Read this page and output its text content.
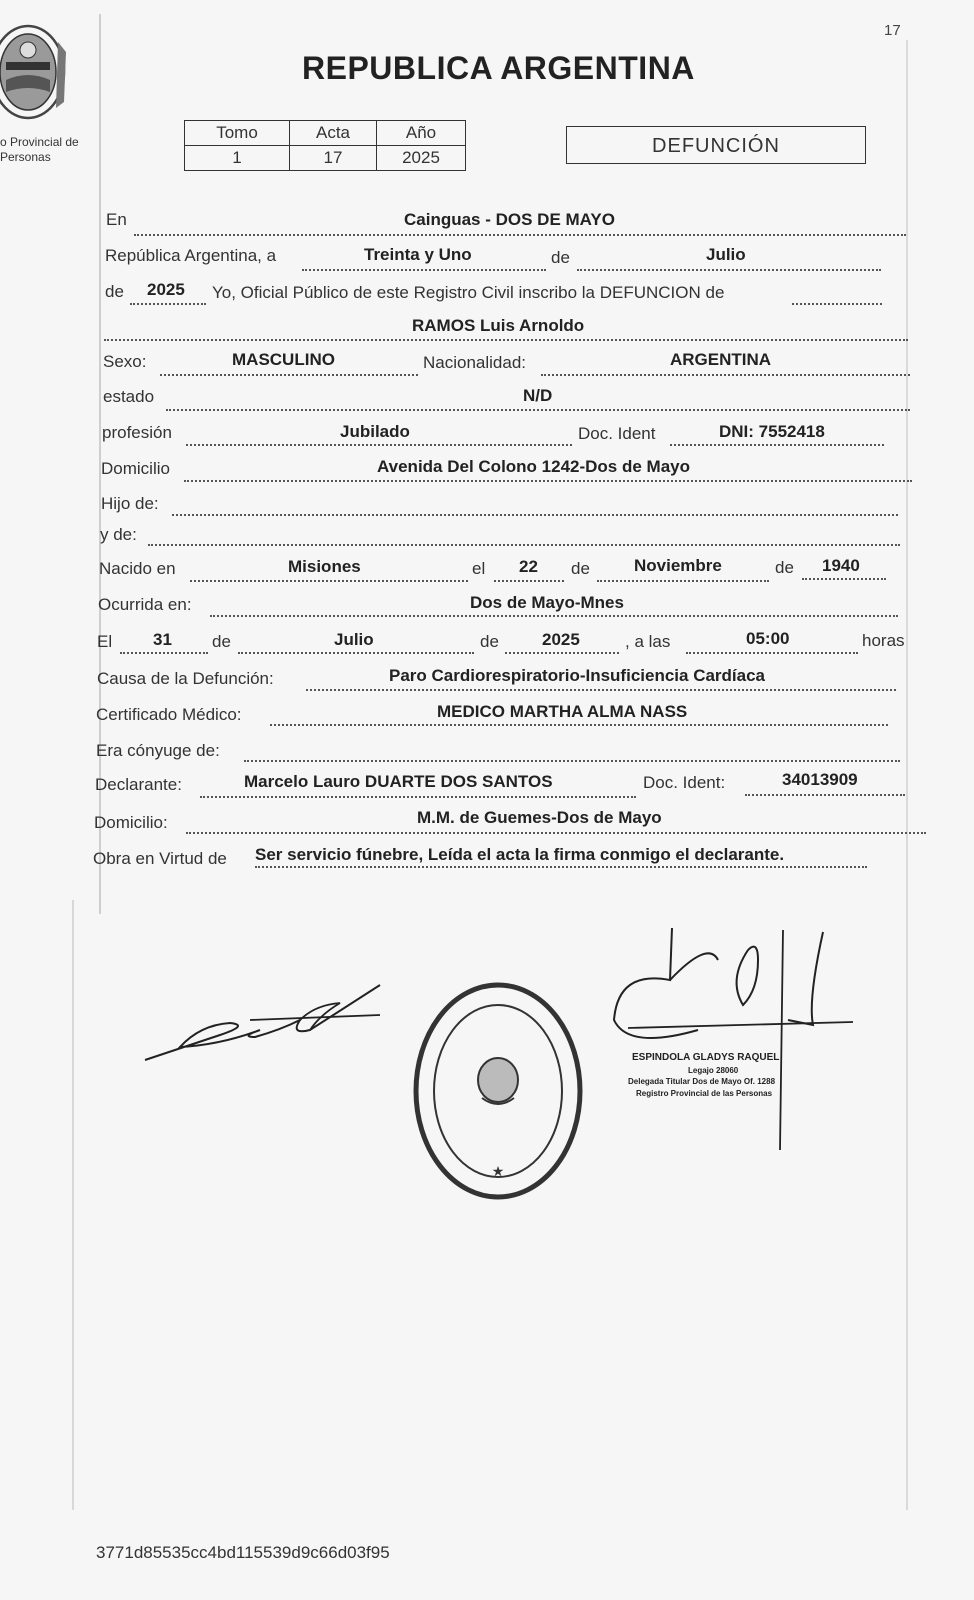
o Provincial de
Personas
17
REPUBLICA ARGENTINA
Tomo	Acta	Año
1	17	2025
DEFUNCIÓN
En	Cainguas - DOS DE MAYO
República Argentina, a	Treinta y Uno	de	Julio
de 2025 Yo, Oficial Público de este Registro Civil inscribo la DEFUNCION de
RAMOS Luis Arnoldo
Sexo:	MASCULINO	Nacionalidad:	ARGENTINA
estado	N/D
profesión	Jubilado	Doc. Ident	DNI: 7552418
Domicilio	Avenida Del Colono 1242-Dos de Mayo
Hijo de:
y de:
Nacido en	Misiones	el 22 de	Noviembre	de 1940
Ocurrida en:	Dos de Mayo-Mnes
El 31 de	Julio	de	2025	, a las	05:00	horas
Causa de la Defunción:	Paro Cardiorespiratorio-Insuficiencia Cardíaca
Certificado Médico:	MEDICO MARTHA ALMA NASS
Era cónyuge de:
Declarante:	Marcelo Lauro DUARTE DOS SANTOS	Doc. Ident:	34013909
Domicilio:	M.M. de Guemes-Dos de Mayo
Obra en Virtud de Ser servicio fúnebre, Leída el acta la firma conmigo el declarante.
★
ESPINDOLA GLADYS RAQUEL
Legajo 28060
Delegada Titular Dos de Mayo Of. 1288
Registro Provincial de las Personas
3771d85535cc4bd115539d9c66d03f95
